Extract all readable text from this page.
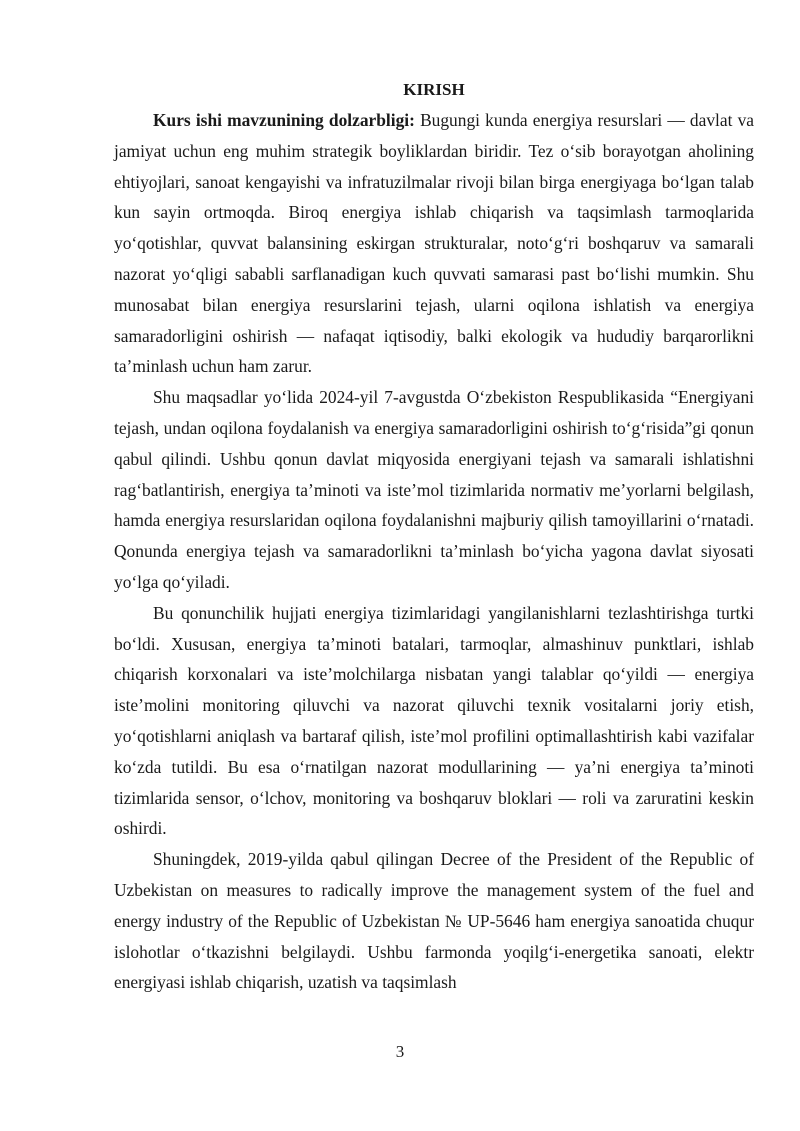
KIRISH

Kurs ishi mavzunining dolzarbligi: Bugungi kunda energiya resurslari — davlat va jamiyat uchun eng muhim strategik boyliklardan biridir. Tez o‘sib borayotgan aholining ehtiyojlari, sanoat kengayishi va infratuzilmalar rivoji bilan birga energiyaga bo‘lgan talab kun sayin ortmoqda. Biroq energiya ishlab chiqarish va taqsimlash tarmoqlarida yo‘qotishlar, quvvat balansining eskirgan strukturalar, noto‘g‘ri boshqaruv va samarali nazorat yo‘qligi sababli sarflanadigan kuch quvvati samarasi past bo‘lishi mumkin. Shu munosabat bilan energiya resurslarini tejash, ularni oqilona ishlatish va energiya samaradorligini oshirish — nafaqat iqtisodiy, balki ekologik va hududiy barqarorlikni ta’minlash uchun ham zarur.

Shu maqsadlar yo‘lida 2024-yil 7-avgustda O‘zbekiston Respublikasida “Energiyani tejash, undan oqilona foydalanish va energiya samaradorligini oshirish to‘g‘risida”gi qonun qabul qilindi. Ushbu qonun davlat miqyosida energiyani tejash va samarali ishlatishni rag‘batlantirish, energiya ta’minoti va iste’mol tizimlarida normativ me’yorlarni belgilash, hamda energiya resurslaridan oqilona foydalanishni majburiy qilish tamoyillarini o‘rnatadi. Qonunda energiya tejash va samaradorlikni ta’minlash bo‘yicha yagona davlat siyosati yo‘lga qo‘yiladi.

Bu qonunchilik hujjati energiya tizimlaridagi yangilanishlarni tezlashtirishga turtki bo‘ldi. Xususan, energiya ta’minoti batalari, tarmoqlar, almashinuv punktlari, ishlab chiqarish korxonalari va iste’molchilarga nisbatan yangi talablar qo‘yildi — energiya iste’molini monitoring qiluvchi va nazorat qiluvchi texnik vositalarni joriy etish, yo‘qotishlarni aniqlash va bartaraf qilish, iste’mol profilini optimallashtirish kabi vazifalar ko‘zda tutildi. Bu esa o‘rnatilgan nazorat modullarining — ya’ni energiya ta’minoti tizimlarida sensor, o‘lchov, monitoring va boshqaruv bloklari — roli va zaruratini keskin oshirdi.

Shuningdek, 2019-yilda qabul qilingan Decree of the President of the Republic of Uzbekistan on measures to radically improve the management system of the fuel and energy industry of the Republic of Uzbekistan № UP-5646 ham energiya sanoatida chuqur islohotlar o‘tkazishni belgilaydi. Ushbu farmonda yoqilg‘i-energetika sanoati, elektr energiyasi ishlab chiqarish, uzatish va taqsimlash

3
